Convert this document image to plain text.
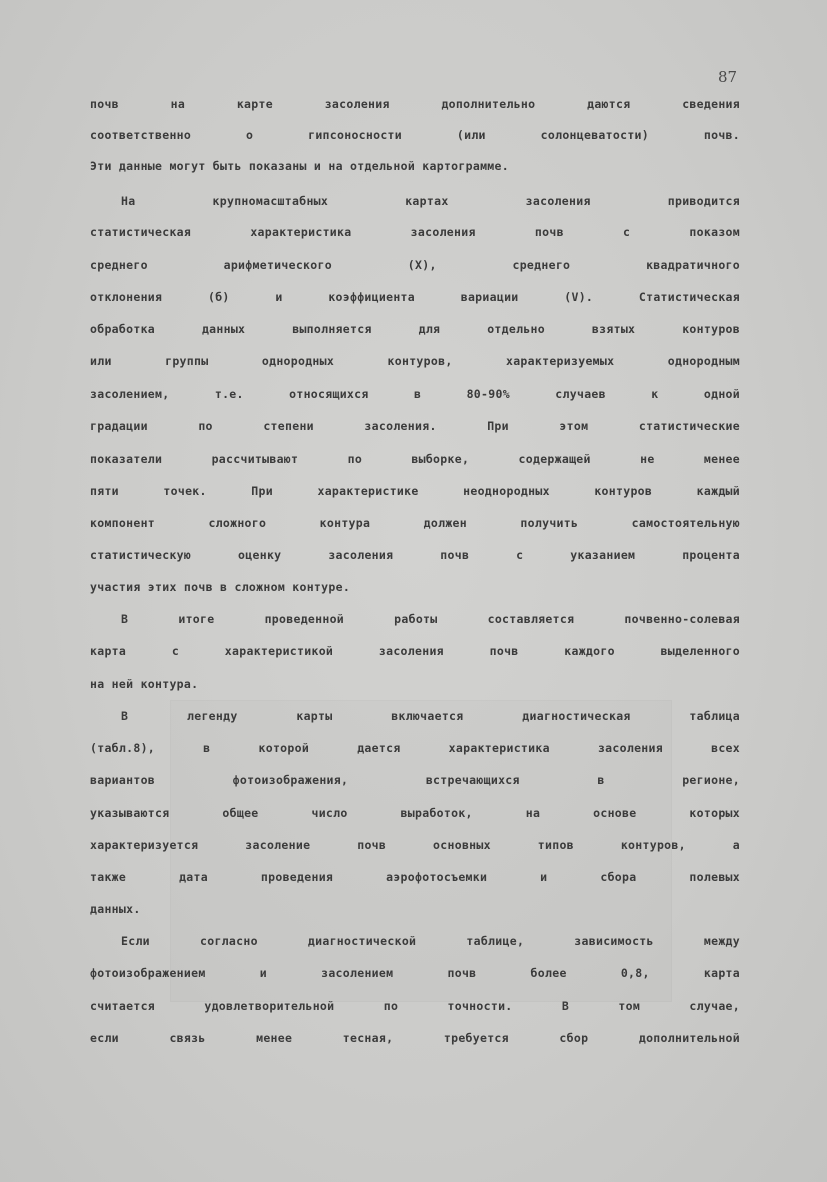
87
почв на карте засоления дополнительно даются сведения
соответственно о гипсоносности (или солонцеватости) почв.
Эти данные могут быть показаны и на отдельной картограмме.
На крупномасштабных картах засоления приводится
статистическая характеристика засоления почв с показом
среднего арифметического (X), среднего квадратичного
отклонения (б) и коэффициента вариации (V). Статистическая
обработка данных выполняется для отдельно взятых контуров
или группы однородных контуров, характеризуемых однородным
засолением, т.е. относящихся в 80-90% случаев к одной
градации по степени засоления. При этом статистические
показатели рассчитывают по выборке, содержащей не менее
пяти точек. При характеристике неоднородных контуров каждый
компонент сложного контура должен получить самостоятельную
статистическую оценку засоления почв с указанием процента
участия этих почв в сложном контуре.
В итоге проведенной работы составляется почвенно-солевая
карта с характеристикой засоления почв каждого выделенного
на ней контура.
В легенду карты включается диагностическая таблица
(табл.8), в которой дается характеристика засоления всех
вариантов фотоизображения, встречающихся в регионе,
указываются общее число выработок, на основе которых
характеризуется засоление почв основных типов контуров, а
также дата проведения аэрофотосъемки и сбора полевых
данных.
Если согласно диагностической таблице, зависимость между
фотоизображением и засолением почв более 0,8, карта
считается удовлетворительной по точности. В том случае,
если связь менее тесная, требуется сбор дополнительной
